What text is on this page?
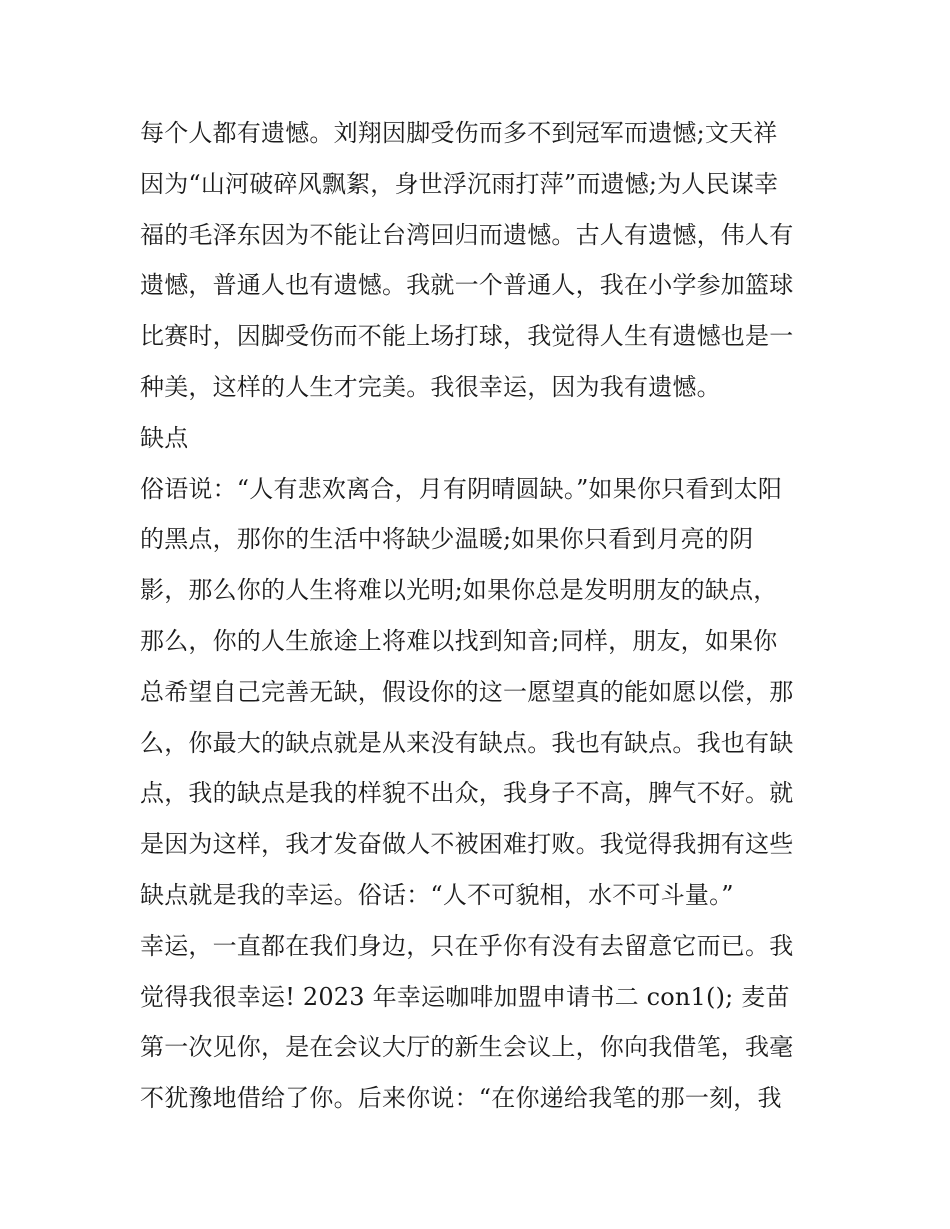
每个人都有遗憾。刘翔因脚受伤而多不到冠军而遗憾;文天祥
因为“山河破碎风飘絮，身世浮沉雨打萍”而遗憾;为人民谋幸
福的毛泽东因为不能让台湾回归而遗憾。古人有遗憾，伟人有
遗憾，普通人也有遗憾。我就一个普通人，我在小学参加篮球
比赛时，因脚受伤而不能上场打球，我觉得人生有遗憾也是一
种美，这样的人生才完美。我很幸运，因为我有遗憾。
缺点
俗语说：“人有悲欢离合，月有阴晴圆缺。”如果你只看到太阳
的黑点，那你的生活中将缺少温暖;如果你只看到月亮的阴
影，那么你的人生将难以光明;如果你总是发明朋友的缺点，
那么，你的人生旅途上将难以找到知音;同样，朋友，如果你
总希望自己完善无缺，假设你的这一愿望真的能如愿以偿，那
么，你最大的缺点就是从来没有缺点。我也有缺点。我也有缺
点，我的缺点是我的样貌不出众，我身子不高，脾气不好。就
是因为这样，我才发奋做人不被困难打败。我觉得我拥有这些
缺点就是我的幸运。俗话：“人不可貌相，水不可斗量。”
幸运，一直都在我们身边，只在乎你有没有去留意它而已。我
觉得我很幸运! 2023 年幸运咖啡加盟申请书二 con1(); 麦苗
第一次见你，是在会议大厅的新生会议上，你向我借笔，我毫
不犹豫地借给了你。后来你说：“在你递给我笔的那一刻，我
